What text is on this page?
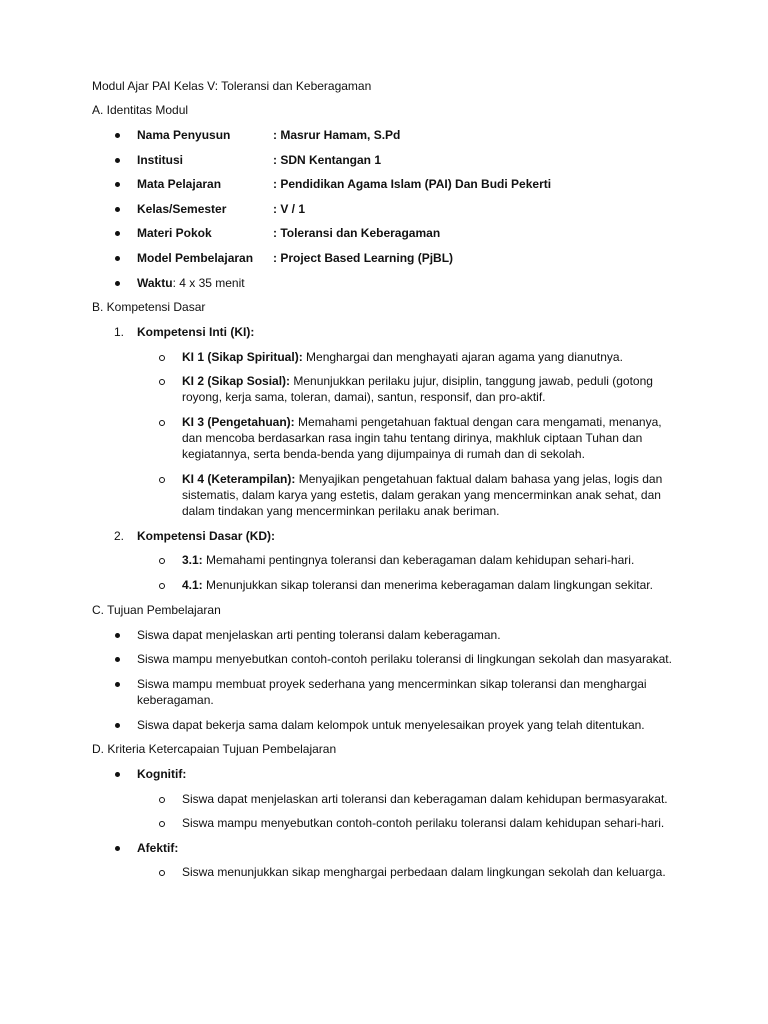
Modul Ajar PAI Kelas V: Toleransi dan Keberagaman
A. Identitas Modul
Nama Penyusun	: Masrur Hamam, S.Pd
Institusi	: SDN Kentangan 1
Mata Pelajaran	: Pendidikan Agama Islam (PAI) Dan Budi Pekerti
Kelas/Semester	: V / 1
Materi Pokok	: Toleransi dan Keberagaman
Model Pembelajaran : Project Based Learning (PjBL)
Waktu: 4 x 35 menit
B. Kompetensi Dasar
1. Kompetensi Inti (KI):
KI 1 (Sikap Spiritual): Menghargai dan menghayati ajaran agama yang dianutnya.
KI 2 (Sikap Sosial): Menunjukkan perilaku jujur, disiplin, tanggung jawab, peduli (gotong royong, kerja sama, toleran, damai), santun, responsif, dan pro-aktif.
KI 3 (Pengetahuan): Memahami pengetahuan faktual dengan cara mengamati, menanya, dan mencoba berdasarkan rasa ingin tahu tentang dirinya, makhluk ciptaan Tuhan dan kegiatannya, serta benda-benda yang dijumpainya di rumah dan di sekolah.
KI 4 (Keterampilan): Menyajikan pengetahuan faktual dalam bahasa yang jelas, logis dan sistematis, dalam karya yang estetis, dalam gerakan yang mencerminkan anak sehat, dan dalam tindakan yang mencerminkan perilaku anak beriman.
2. Kompetensi Dasar (KD):
3.1: Memahami pentingnya toleransi dan keberagaman dalam kehidupan sehari-hari.
4.1: Menunjukkan sikap toleransi dan menerima keberagaman dalam lingkungan sekitar.
C. Tujuan Pembelajaran
Siswa dapat menjelaskan arti penting toleransi dalam keberagaman.
Siswa mampu menyebutkan contoh-contoh perilaku toleransi di lingkungan sekolah dan masyarakat.
Siswa mampu membuat proyek sederhana yang mencerminkan sikap toleransi dan menghargai keberagaman.
Siswa dapat bekerja sama dalam kelompok untuk menyelesaikan proyek yang telah ditentukan.
D. Kriteria Ketercapaian Tujuan Pembelajaran
Kognitif:
Siswa dapat menjelaskan arti toleransi dan keberagaman dalam kehidupan bermasyarakat.
Siswa mampu menyebutkan contoh-contoh perilaku toleransi dalam kehidupan sehari-hari.
Afektif:
Siswa menunjukkan sikap menghargai perbedaan dalam lingkungan sekolah dan keluarga.
